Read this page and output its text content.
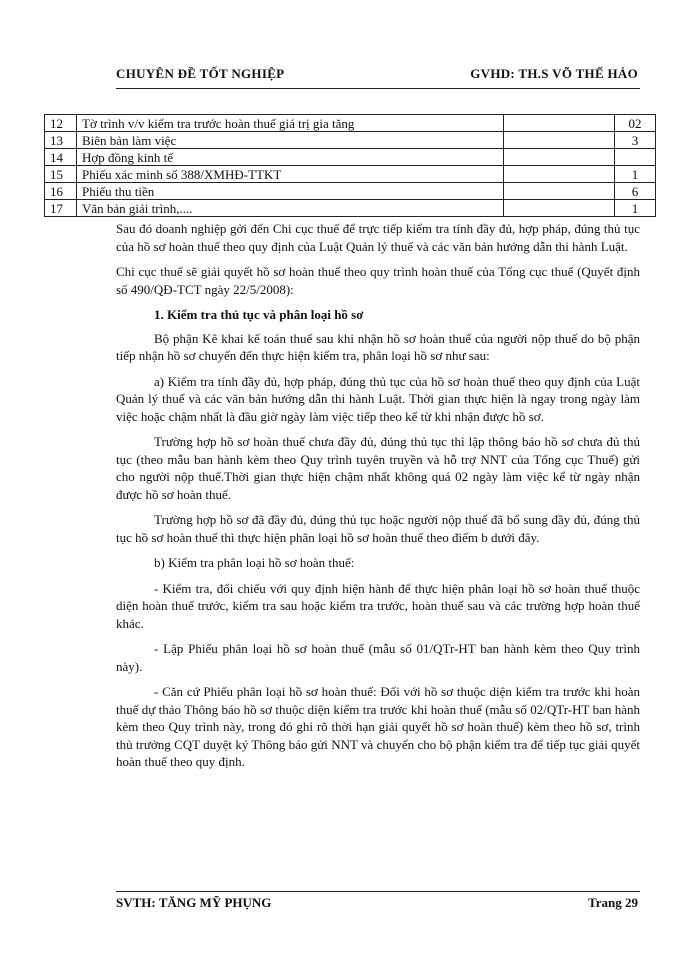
CHUYÊN ĐỀ TỐT NGHIỆP	GVHD: TH.S VÕ THẾ HẢO
12	Tờ trình v/v kiểm tra trước hoàn thuế giá trị gia tăng		02
13	Biên bản làm việc		3
14	Hợp đồng kinh tế		
15	Phiếu xác minh số 388/XMHĐ-TTKT		1
16	Phiếu thu tiền		6
17	Văn bản giải trình,....		1

Sau đó doanh nghiệp gởi đến Chi cục thuế để trực tiếp kiểm tra tính đầy đủ, hợp pháp, đúng thủ tục của hồ sơ hoàn thuế theo quy định của Luật Quản lý thuế và các văn bản hướng dẫn thi hành Luật.

Chi cục thuế sẽ giải quyết hồ sơ hoàn thuế theo quy trình hoàn thuế của Tổng cục thuế (Quyết định số 490/QĐ-TCT ngày 22/5/2008):

1. Kiểm tra thủ tục và phân loại hồ sơ

Bộ phận Kê khai kế toán thuế sau khi nhận hồ sơ hoàn thuế của người nộp thuế do bộ phận tiếp nhận hồ sơ chuyển đến thực hiện kiểm tra, phân loại hồ sơ như sau:

a) Kiểm tra tính đầy đủ, hợp pháp, đúng thủ tục của hồ sơ hoàn thuế theo quy định của Luật Quản lý thuế và các văn bản hướng dẫn thi hành Luật. Thời gian thực hiện là ngay trong ngày làm việc hoặc chậm nhất là đầu giờ ngày làm việc tiếp theo kể từ khi nhận được hồ sơ.

Trường hợp hồ sơ hoàn thuế chưa đầy đủ, đúng thủ tục thì lập thông báo hồ sơ chưa đủ thủ tục (theo mẫu ban hành kèm theo Quy trình tuyên truyền và hỗ trợ NNT của Tổng cục Thuế) gửi cho người nộp thuế.Thời gian thực hiện chậm nhất không quá 02 ngày làm việc kể từ ngày nhận được hồ sơ hoàn thuế.

Trường hợp hồ sơ đã đầy đủ, đúng thủ tục hoặc người nộp thuế đã bổ sung đầy đủ, đúng thủ tục hồ sơ hoàn thuế thì thực hiện phân loại hồ sơ hoàn thuế theo điểm b dưới đây.

b) Kiểm tra phân loại hồ sơ hoàn thuế:

- Kiểm tra, đối chiếu với quy định hiện hành để thực hiện phân loại hồ sơ hoàn thuế thuộc diện hoàn thuế trước, kiểm tra sau hoặc kiểm tra trước, hoàn thuế sau và các trường hợp hoàn thuế khác.

- Lập Phiếu phân loại hồ sơ hoàn thuế (mẫu số 01/QTr-HT ban hành kèm theo Quy trình này).

- Căn cứ Phiếu phân loại hồ sơ hoàn thuế: Đối với hồ sơ thuộc diện kiểm tra trước khi hoàn thuế dự thảo Thông báo hồ sơ thuộc diện kiểm tra trước khi hoàn thuế (mẫu số 02/QTr-HT ban hành kèm theo Quy trình này, trong đó ghi rõ thời hạn giải quyết hồ sơ hoàn thuế) kèm theo hồ sơ, trình thủ trưởng CQT duyệt ký Thông báo gửi NNT và chuyển cho bộ phận kiểm tra để tiếp tục giải quyết hoàn thuế theo quy định.

SVTH: TĂNG MỸ PHỤNG	Trang 29
